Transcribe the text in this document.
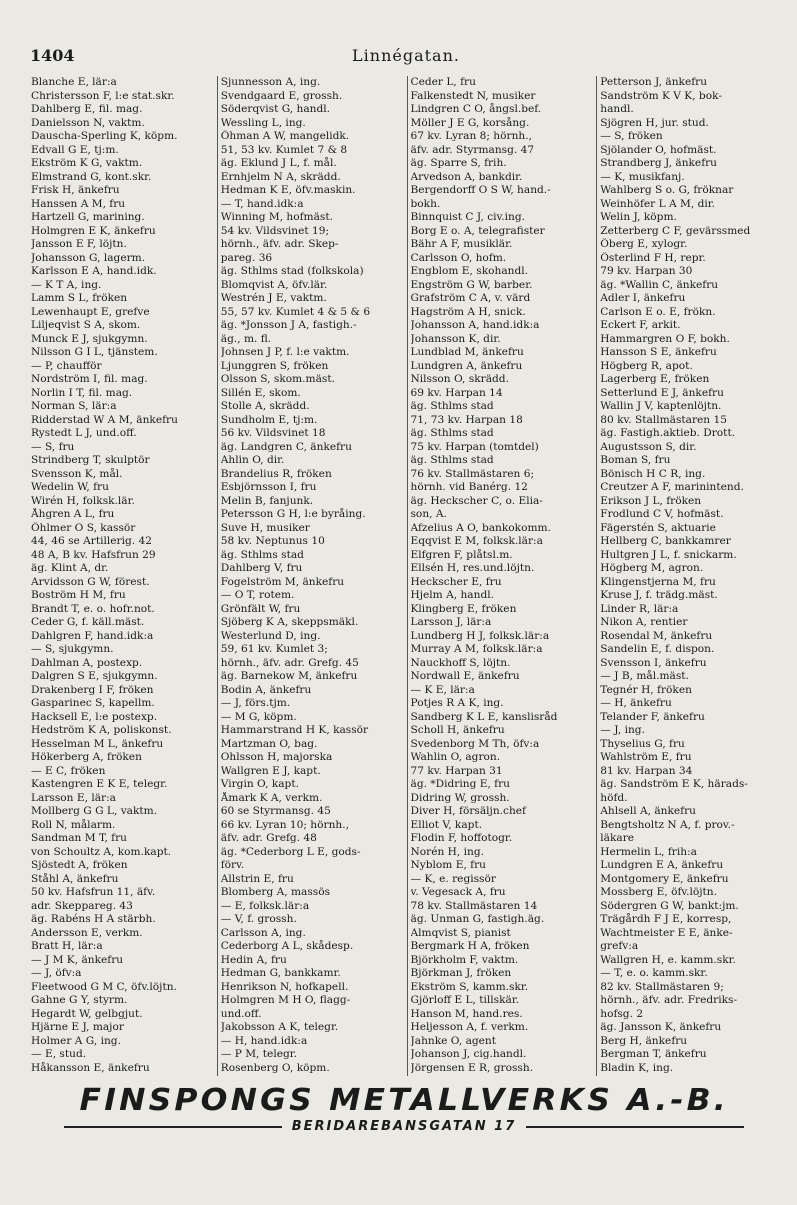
1404	Linnégatan.
Blanche E, lär:a
Christersson F, l:e stat.skr.
Dahlberg E, fil. mag.
Danielsson N, vaktm.
Dauscha-Sperling K, köpm.
Edvall G E, tj:m.
Ekström K G, vaktm.
Elmstrand G, kont.skr.
Frisk H, änkefru
Hanssen A M, fru
Hartzell G, marining.
Holmgren E K, änkefru
Jansson E F, löjtn.
Johansson G, lagerm.
Karlsson E A, hand.idk.
— K T A, ing.
Lamm S L, fröken
Lewenhaupt E, grefve
Liljeqvist S A, skom.
Munck E J, sjukgymn.
Nilsson G I L, tjänstem.
— P, chaufför
Nordström I, fil. mag.
Norlin I T, fil. mag.
Norman S, lär:a
Ridderstad W A M, änkefru
Rystedt L J, und.off.
— S, fru
Strindberg T, skulptör
Svensson K, mål.
Wedelin W, fru
Wirén H, folksk.lär.
Åhgren A L, fru
Öhlmer O S, kassör
44, 46 se Artillerig. 42
48 A, B kv. Hafsfrun 29
äg. Klint A, dr.
Arvidsson G W, förest.
Boström H M, fru
Brandt T, e. o. hofr.not.
Ceder G, f. käll.mäst.
Dahlgren F, hand.idk:a
— S, sjukgymn.
Dahlman A, postexp.
Dalgren S E, sjukgymn.
Drakenberg I F, fröken
Gasparinec S, kapellm.
Hacksell E, l:e postexp.
Hedström K A, poliskonst.
Hesselman M L, änkefru
Hökerberg A, fröken
— E C, fröken
Kastengren E K E, telegr.
Larsson E, lär:a
Mollberg G G L, vaktm.
Roll N, målarm.
Sandman M T, fru
von Schoultz A, kom.kapt.
Sjöstedt A, fröken
Ståhl A, änkefru
50 kv. Hafsfrun 11, äfv.
adr. Skeppareg. 43
äg. Rabéns H A stärbh.
Andersson E, verkm.
Bratt H, lär:a
— J M K, änkefru
— J, öfv:a
Fleetwood G M C, öfv.löjtn.
Gahne G Y, styrm.
Hegardt W, gelbgjut.
Hjärne E J, major
Holmer A G, ing.
— E, stud.
Håkansson E, änkefru
Sjunnesson A, ing.
Svendgaard E, grossh.
Söderqvist G, handl.
Wessling L, ing.
Öhman A W, mangelidk.
51, 53 kv. Kumlet 7 & 8
äg. Eklund J L, f. mål.
Ernhjelm N A, skrädd.
Hedman K E, öfv.maskin.
— T, hand.idk:a
Winning M, hofmäst.
54 kv. Vildsvinet 19;
hörnh., äfv. adr. Skep-
pareg. 36
äg. Sthlms stad (folkskola)
Blomqvist A, öfv.lär.
Westrén J E, vaktm.
55, 57 kv. Kumlet 4 & 5 & 6
äg. *Jonsson J A, fastigh.-
äg., m. fl.
Johnsen J P, f. l:e vaktm.
Ljunggren S, fröken
Olsson S, skom.mäst.
Sillén E, skom.
Stolle A, skrädd.
Sundholm E, tj:m.
56 kv. Vildsvinet 18
äg. Landgren C, änkefru
Ahlin O, dir.
Brandelius R, fröken
Esbjörnsson I, fru
Melin B, fanjunk.
Petersson G H, l:e byråing.
Suve H, musiker
58 kv. Neptunus 10
äg. Sthlms stad
Dahlberg V, fru
Fogelström M, änkefru
— O T, rotem.
Grönfält W, fru
Sjöberg K A, skeppsmäkl.
Westerlund D, ing.
59, 61 kv. Kumlet 3;
hörnh., äfv. adr. Grefg. 45
äg. Barnekow M, änkefru
Bodin A, änkefru
— J, förs.tjm.
— M G, köpm.
Hammarstrand H K, kassör
Martzman O, bag.
Ohlsson H, majorska
Wallgren E J, kapt.
Virgin O, kapt.
Åmark K A, verkm.
60 se Styrmansg. 45
66 kv. Lyran 10; hörnh.,
äfv. adr. Grefg. 48
äg. *Cederborg L E, gods-
förv.
Allstrin E, fru
Blomberg A, massös
— E, folksk.lär:a
— V, f. grossh.
Carlsson A, ing.
Cederborg A L, skådesp.
Hedin A, fru
Hedman G, bankkamr.
Henrikson N, hofkapell.
Holmgren M H O, flagg-
und.off.
Jakobsson A K, telegr.
— H, hand.idk:a
— P M, telegr.
Rosenberg O, köpm.
Ceder L, fru
Falkenstedt N, musiker
Lindgren C O, ångsl.bef.
Möller J E G, korsång.
67 kv. Lyran 8; hörnh.,
äfv. adr. Styrmansg. 47
äg. Sparre S, frih.
Arvedson A, bankdir.
Bergendorff O S W, hand.-
bokh.
Binnquist C J, civ.ing.
Borg E o. A, telegrafister
Bähr A F, musiklär.
Carlsson O, hofm.
Engblom E, skohandl.
Engström G W, barber.
Grafström C A, v. värd
Hagström A H, snick.
Johansson A, hand.idk:a
Johansson K, dir.
Lundblad M, änkefru
Lundgren A, änkefru
Nilsson O, skrädd.
69 kv. Harpan 14
äg. Sthlms stad
71, 73 kv. Harpan 18
äg. Sthlms stad
75 kv. Harpan (tomtdel)
äg. Sthlms stad
76 kv. Stallmästaren 6;
hörnh. vid Banérg. 12
äg. Heckscher C, o. Elia-
son, A.
Afzelius A O, bankokomm.
Eqqvist E M, folksk.lär:a
Elfgren F, plåtsl.m.
Ellsén H, res.und.löjtn.
Heckscher E, fru
Hjelm A, handl.
Klingberg E, fröken
Larsson J, lär:a
Lundberg H J, folksk.lär:a
Murray A M, folksk.lär:a
Nauckhoff S, löjtn.
Nordwall E, änkefru
— K E, lär:a
Potjes R A K, ing.
Sandberg K L E, kanslisråd
Scholl H, änkefru
Svedenborg M Th, öfv:a
Wahlin O, agron.
77 kv. Harpan 31
äg. *Didring E, fru
Didring W, grossh.
Diver H, försäljn.chef
Elliot V, kapt.
Flodin F, hoffotogr.
Norén H, ing.
Nyblom E, fru
— K, e. regissör
v. Vegesack A, fru
78 kv. Stallmästaren 14
äg. Unman G, fastigh.äg.
Almqvist S, pianist
Bergmark H A, fröken
Björkholm F, vaktm.
Björkman J, fröken
Ekström S, kamm.skr.
Gjörloff E L, tillskär.
Hanson M, hand.res.
Heljesson A, f. verkm.
Jahnke O, agent
Johanson J, cig.handl.
Jörgensen E R, grossh.
Petterson J, änkefru
Sandström K V K, bok-
handl.
Sjögren H, jur. stud.
— S, fröken
Sjölander O, hofmäst.
Strandberg J, änkefru
— K, musikfanj.
Wahlberg S o. G, fröknar
Weinhöfer L A M, dir.
Welin J, köpm.
Zetterberg C F, gevärssmed
Öberg E, xylogr.
Österlind F H, repr.
79 kv. Harpan 30
äg. *Wallin C, änkefru
Adler I, änkefru
Carlson E o. E, frökn.
Eckert F, arkit.
Hammargren O F, bokh.
Hansson S E, änkefru
Högberg R, apot.
Lagerberg E, fröken
Setterlund E J, änkefru
Wallin J V, kaptenlöjtn.
80 kv. Stallmästaren 15
äg. Fastigh.aktieb. Drott.
Augustsson S, dir.
Boman S, fru
Bönisch H C R, ing.
Creutzer A F, marinintend.
Erikson J L, fröken
Frodlund C V, hofmäst.
Fägerstén S, aktuarie
Hellberg C, bankkamrer
Hultgren J L, f. snickarm.
Högberg M, agron.
Klingenstjerna M, fru
Kruse J, f. trädg.mäst.
Linder R, lär:a
Nikon A, rentier
Rosendal M, änkefru
Sandelin E, f. dispon.
Svensson I, änkefru
— J B, mål.mäst.
Tegnér H, fröken
— H, änkefru
Telander F, änkefru
— J, ing.
Thyselius G, fru
Wahlström E, fru
81 kv. Harpan 34
äg. Sandström E K, härads-
höfd.
Ahlsell A, änkefru
Bengtsholtz N A, f. prov.-
läkare
Hermelin L, frih:a
Lundgren E A, änkefru
Montgomery E, änkefru
Mossberg E, öfv.löjtn.
Södergren G W, bankt:jm.
Trägårdh F J E, korresp,
Wachtmeister E E, änke-
grefv:a
Wallgren H, e. kamm.skr.
— T, e. o. kamm.skr.
82 kv. Stallmästaren 9;
hörnh., äfv. adr. Fredriks-
hofsg. 2
äg. Jansson K, änkefru
Berg H, änkefru
Bergman T, änkefru
Bladin K, ing.
FINSPONGS METALLVERKS A.-B.
BERIDAREBANSGATAN 17
